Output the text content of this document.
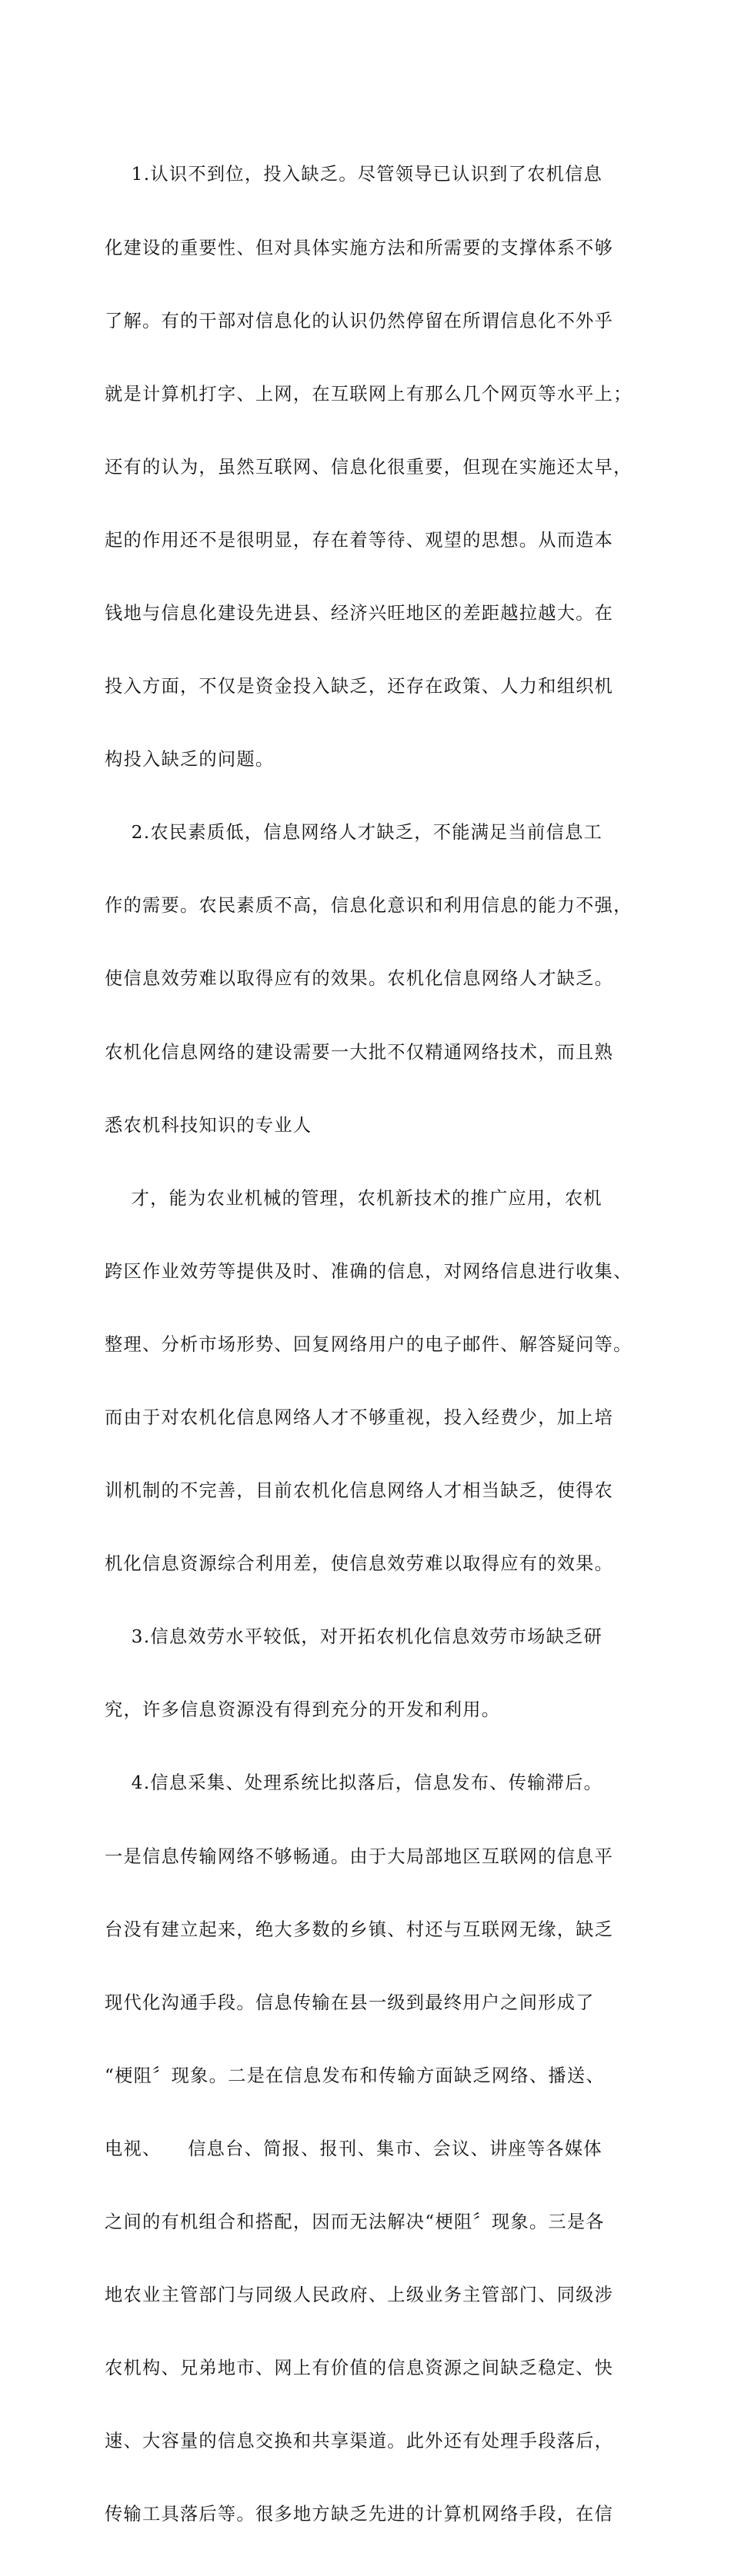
1.认识不到位，投入缺乏。尽管领导已认识到了农机信息

化建设的重要性、但对具体实施方法和所需要的支撑体系不够

了解。有的干部对信息化的认识仍然停留在所谓信息化不外乎

就是计算机打字、上网，在互联网上有那么几个网页等水平上；

还有的认为，虽然互联网、信息化很重要，但现在实施还太早，

起的作用还不是很明显，存在着等待、观望的思想。从而造本

钱地与信息化建设先进县、经济兴旺地区的差距越拉越大。在

投入方面，不仅是资金投入缺乏，还存在政策、人力和组织机

构投入缺乏的问题。

2.农民素质低，信息网络人才缺乏，不能满足当前信息工

作的需要。农民素质不高，信息化意识和利用信息的能力不强，

使信息效劳难以取得应有的效果。农机化信息网络人才缺乏。

农机化信息网络的建设需要一大批不仅精通网络技术，而且熟

悉农机科技知识的专业人

才，能为农业机械的管理，农机新技术的推广应用，农机

跨区作业效劳等提供及时、准确的信息，对网络信息进行收集、

整理、分析市场形势、回复网络用户的电子邮件、解答疑问等。

而由于对农机化信息网络人才不够重视，投入经费少，加上培

训机制的不完善，目前农机化信息网络人才相当缺乏，使得农

机化信息资源综合利用差，使信息效劳难以取得应有的效果。

3.信息效劳水平较低，对开拓农机化信息效劳市场缺乏研

究，许多信息资源没有得到充分的开发和利用。

4.信息采集、处理系统比拟落后，信息发布、传输滞后。

一是信息传输网络不够畅通。由于大局部地区互联网的信息平

台没有建立起来，绝大多数的乡镇、村还与互联网无缘，缺乏

现代化沟通手段。信息传输在县一级到最终用户之间形成了

“梗阻〞现象。二是在信息发布和传输方面缺乏网络、播送、

电视、    信息台、简报、报刊、集市、会议、讲座等各媒体

之间的有机组合和搭配，因而无法解决“梗阻〞现象。三是各

地农业主管部门与同级人民政府、上级业务主管部门、同级涉

农机构、兄弟地市、网上有价值的信息资源之间缺乏稳定、快

速、大容量的信息交换和共享渠道。此外还有处理手段落后，

传输工具落后等。很多地方缺乏先进的计算机网络手段，在信
